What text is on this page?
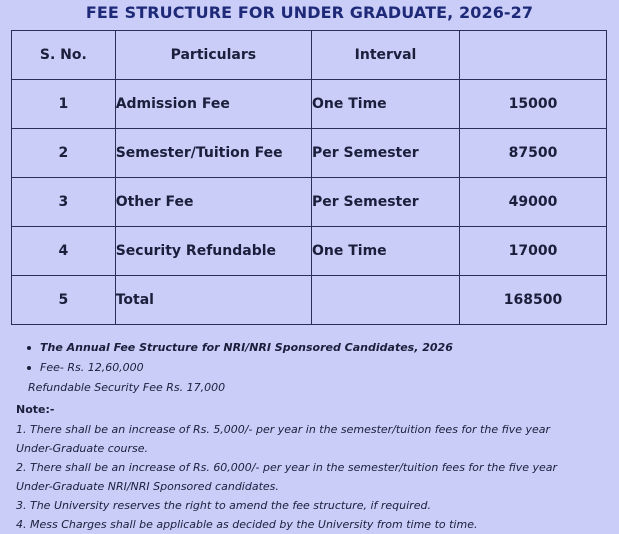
FEE STRUCTURE FOR UNDER GRADUATE, 2026-27
S. No.	Particulars	Interval	
1	Admission Fee	One Time	15000
2	Semester/Tuition Fee	Per Semester	87500
3	Other Fee	Per Semester	49000
4	Security Refundable	One Time	17000
5	Total		168500
The Annual Fee Structure for NRI/NRI Sponsored Candidates, 2026
Fee- Rs. 12,60,000
Refundable Security Fee Rs. 17,000
Note:-

1. There shall be an increase of Rs. 5,000/- per year in the semester/tuition fees for the five year

Under-Graduate course.

2. There shall be an increase of Rs. 60,000/- per year in the semester/tuition fees for the five year

Under-Graduate NRI/NRI Sponsored candidates.

3. The University reserves the right to amend the fee structure, if required.

4. Mess Charges shall be applicable as decided by the University from time to time.
